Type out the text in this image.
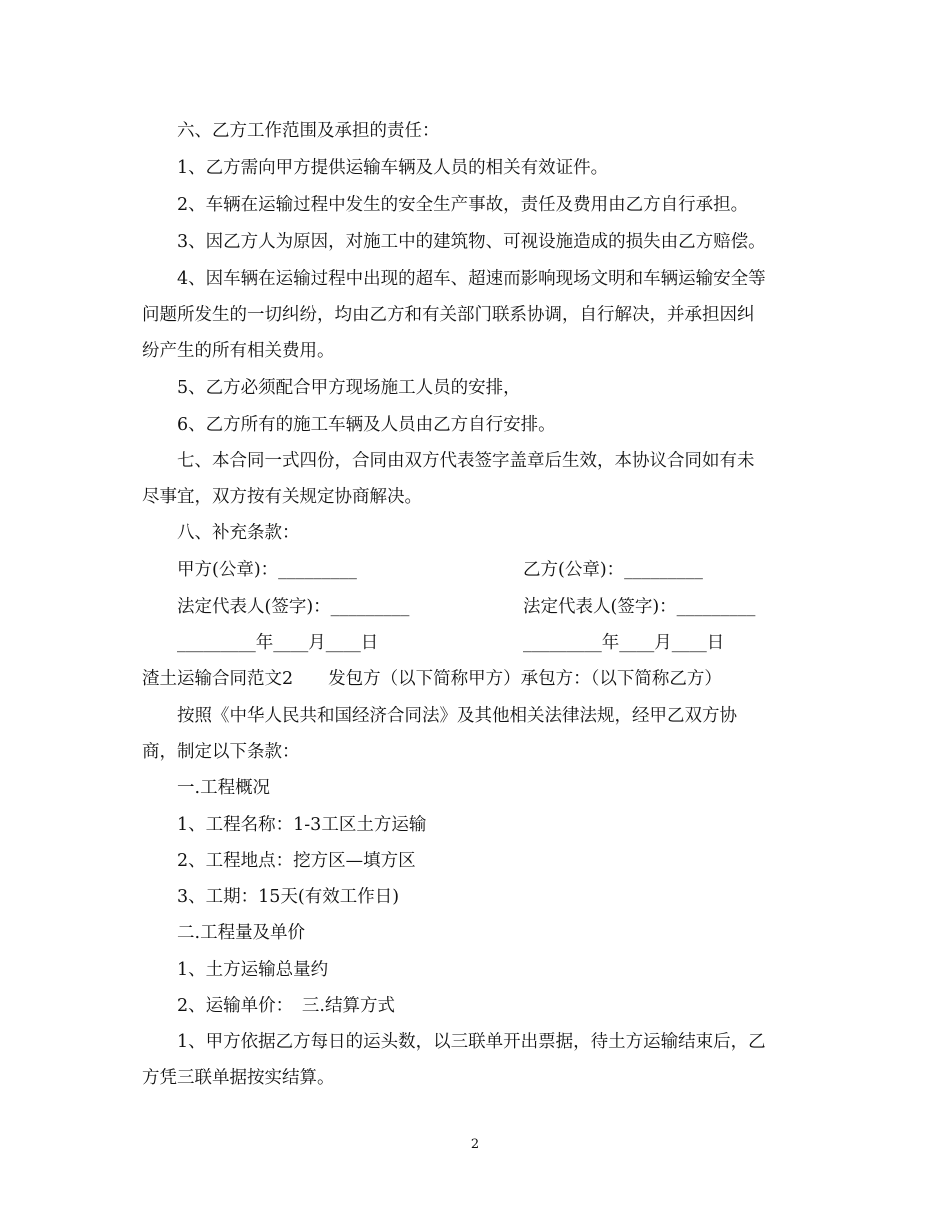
六、乙方工作范围及承担的责任：
1、乙方需向甲方提供运输车辆及人员的相关有效证件。
2、车辆在运输过程中发生的安全生产事故，责任及费用由乙方自行承担。
3、因乙方人为原因，对施工中的建筑物、可视设施造成的损失由乙方赔偿。
4、因车辆在运输过程中出现的超车、超速而影响现场文明和车辆运输安全等
问题所发生的一切纠纷，均由乙方和有关部门联系协调，自行解决，并承担因纠
纷产生的所有相关费用。
5、乙方必须配合甲方现场施工人员的安排，
6、乙方所有的施工车辆及人员由乙方自行安排。
七、本合同一式四份，合同由双方代表签字盖章后生效，本协议合同如有未
尽事宜，双方按有关规定协商解决。
八、补充条款：
甲方(公章)：_________	乙方(公章)：_________
法定代表人(签字)：_________	法定代表人(签字)：_________
_________年____月____日	_________年____月____日
渣土运输合同范文2　　发包方（以下简称甲方）承包方：（以下简称乙方）
按照《中华人民共和国经济合同法》及其他相关法律法规，经甲乙双方协
商，制定以下条款：
一.工程概况
1、工程名称：1-3工区土方运输
2、工程地点：挖方区—填方区
3、工期：15天(有效工作日)
二.工程量及单价
1、土方运输总量约
2、运输单价：　三.结算方式
1、甲方依据乙方每日的运头数，以三联单开出票据，待土方运输结束后，乙
方凭三联单据按实结算。
2
